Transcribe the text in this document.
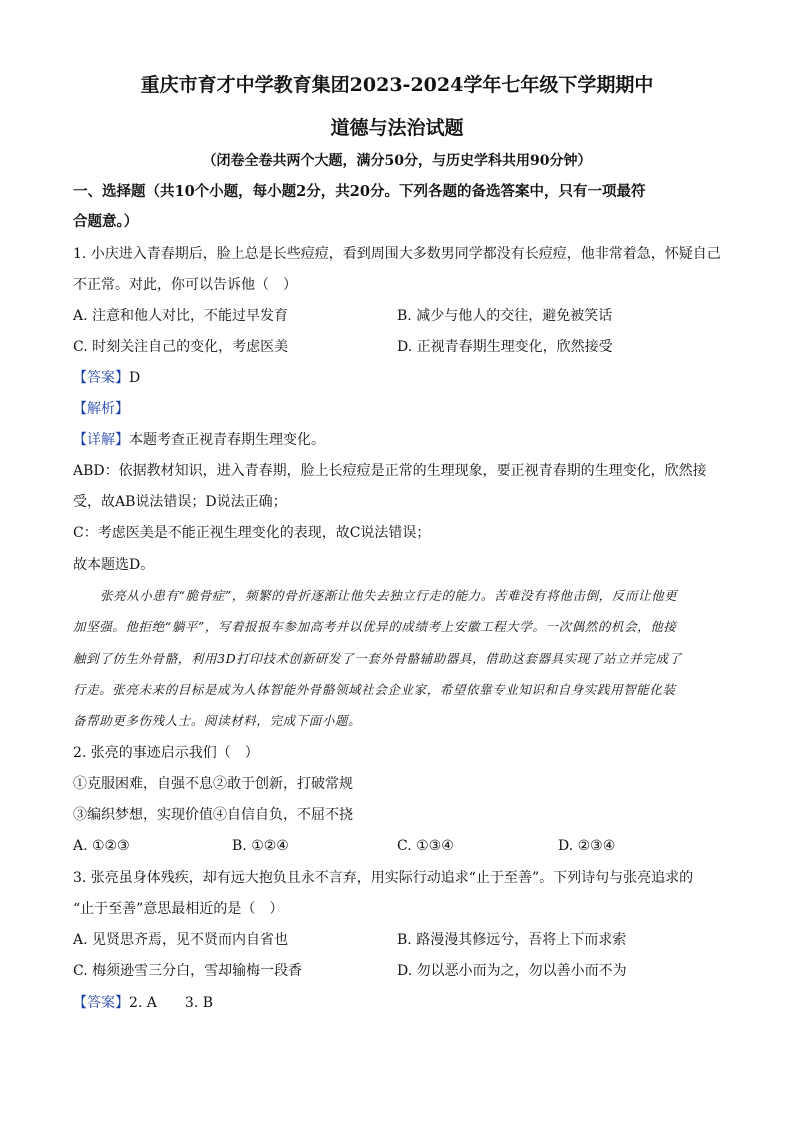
重庆市育才中学教育集团2023-2024学年七年级下学期期中
道德与法治试题
（闭卷全卷共两个大题，满分50分，与历史学科共用90分钟）
一、选择题（共10个小题，每小题2分，共20分。下列各题的备选答案中，只有一项最符
合题意。）
1. 小庆进入青春期后，脸上总是长些痘痘，看到周围大多数男同学都没有长痘痘，他非常着急，怀疑自己
不正常。对此，你可以告诉他（　）
A. 注意和他人对比，不能过早发育	B. 减少与他人的交往，避免被笑话
C. 时刻关注自己的变化，考虑医美	D. 正视青春期生理变化，欣然接受
【答案】D
【解析】
【详解】本题考查正视青春期生理变化。
ABD：依据教材知识，进入青春期，脸上长痘痘是正常的生理现象，要正视青春期的生理变化，欣然接
受，故AB说法错误；D说法正确；
C：考虑医美是不能正视生理变化的表现，故C说法错误；
故本题选D。
张亮从小患有“脆骨症”，频繁的骨折逐渐让他失去独立行走的能力。苦难没有将他击倒，反而让他更
加坚强。他拒绝“躺平”，写着报报车参加高考并以优异的成绩考上安徽工程大学。一次偶然的机会，他接
触到了仿生外骨骼，利用3D打印技术创新研发了一套外骨骼辅助器具，借助这套器具实现了站立并完成了
行走。张亮未来的目标是成为人体智能外骨骼领域社会企业家，希望依靠专业知识和自身实践用智能化装
备帮助更多伤残人士。阅读材料，完成下面小题。
2. 张亮的事迹启示我们（　）
①克服困难，自强不息②敢于创新，打破常规
③编织梦想，实现价值④自信自负，不屈不挠
A. ①②③	B. ①②④	C. ①③④	D. ②③④
3. 张亮虽身体残疾，却有远大抱负且永不言弃，用实际行动追求“止于至善”。下列诗句与张亮追求的
“止于至善”意思最相近的是（　）
A. 见贤思齐焉，见不贤而内自省也	B. 路漫漫其修远兮，吾将上下而求索
C. 梅须逊雪三分白，雪却输梅一段香	D. 勿以恶小而为之，勿以善小而不为
【答案】2. A　　3. B
